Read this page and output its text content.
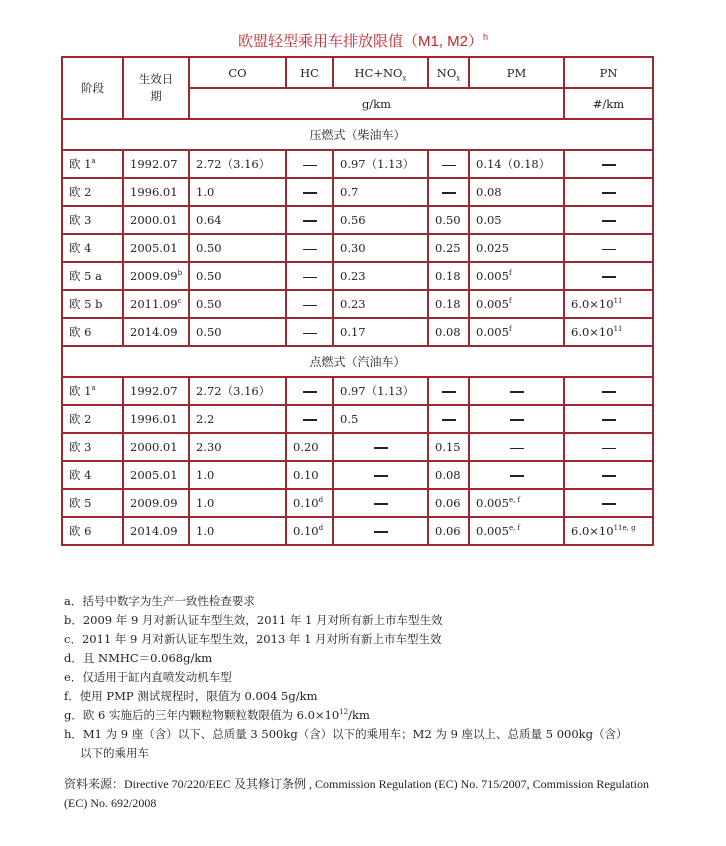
欧盟轻型乘用车排放限值（M1, M2）$^h$
阶段	生效日期	CO	HC	$HC+NO_x$	$NO_x$	PM	PN
		g/km					#/km
压燃式（柴油车）							
欧 1$^a$	1992.07	2.72（3.16）		0.97（1.13）		0.14（0.18）	
欧 2	1996.01	1.0		0.7		0.08	
欧 3	2000.01	0.64		0.56	0.50	0.05	
欧 4	2005.01	0.50		0.30	0.25	0.025	
欧 5 a	2009.09$^b$	0.50		0.23	0.18	0.005$^f$	
欧 5 b	2011.09$^c$	0.50		0.23	0.18	0.005$^f$	$6.0\times 10^{11}$
欧 6	2014.09	0.50		0.17	0.08	0.005$^f$	$6.0\times 10^{11}$
点燃式（汽油车）							
欧 1$^a$	1992.07	2.72（3.16）		0.97（1.13）			
欧 2	1996.01	2.2		0.5			
欧 3	2000.01	2.30	0.20		0.15		
欧 4	2005.01	1.0	0.10		0.08		
欧 5	2009.09	1.0	0.10$^d$		0.06	0.005$^{e, f}$	
欧 6	2014.09	1.0	0.10$^d$		0.06	0.005$^{e, f}$	$6.0\times 10^{11e, g}$
a．括号中数字为生产一致性检查要求
b．2009 年 9 月对新认证车型生效，2011 年 1 月对所有新上市车型生效
c．2011 年 9 月对新认证车型生效，2013 年 1 月对所有新上市车型生效
d．且 NMHC＝0.068g/km
e．仅适用于缸内直喷发动机车型
f．使用 PMP 测试规程时，限值为 0.004 5g/km
g．欧 6 实施后的三年内颗粒物颗粒数限值为 $6.0\times 10^{12}/km$
h．M1 为 9 座（含）以下、总质量 3 500kg（含）以下的乘用车；M2 为 9 座以上、总质量 5 000kg（含）
以下的乘用车
资料来源：Directive 70/220/EEC 及其修订条例 , Commission Regulation (EC) No. 715/2007, Commission Regulation (EC) No. 692/2008
